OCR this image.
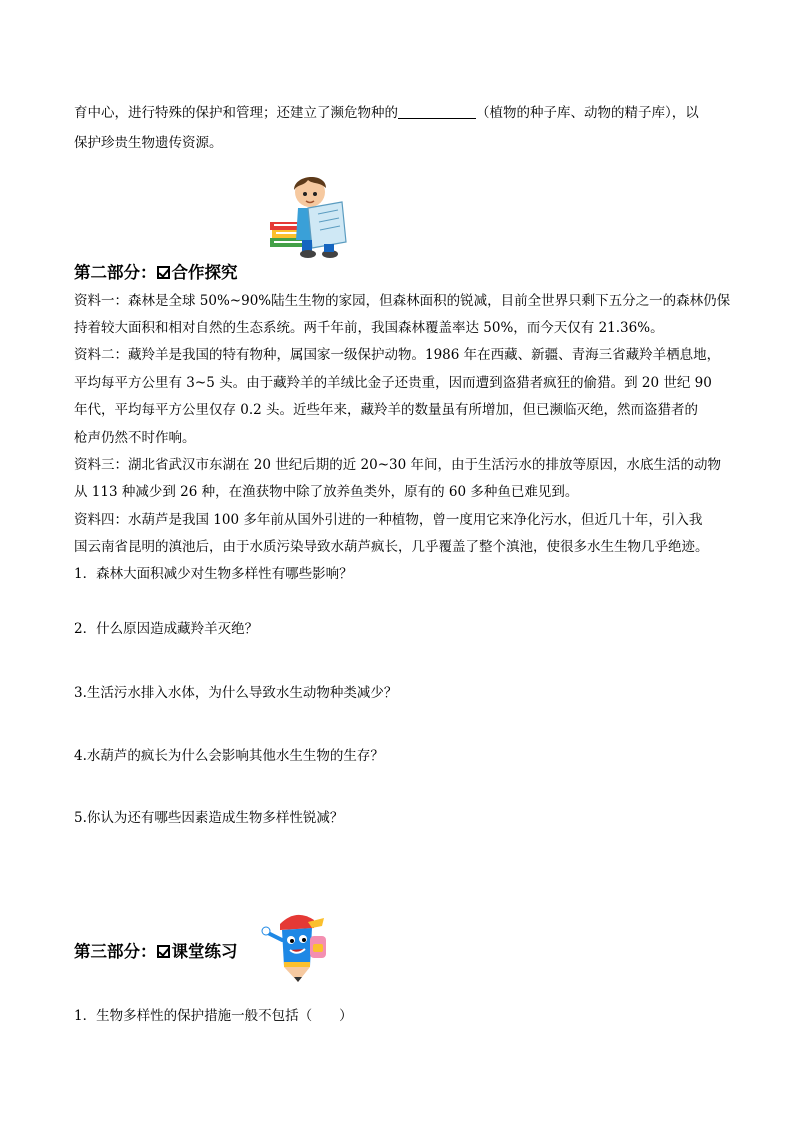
育中心，进行特殊的保护和管理；还建立了濒危物种的	（植物的种子库、动物的精子库），以
保护珍贵生物遗传资源。
第二部分： 合作探究
资料一：森林是全球 50%~90%陆生生物的家园，但森林面积的锐减，目前全世界只剩下五分之一的森林仍保
持着较大面积和相对自然的生态系统。两千年前，我国森林覆盖率达 50%，而今天仅有 21.36%。
资料二：藏羚羊是我国的特有物种，属国家一级保护动物。1986 年在西藏、新疆、青海三省藏羚羊栖息地，
平均每平方公里有 3~5 头。由于藏羚羊的羊绒比金子还贵重，因而遭到盗猎者疯狂的偷猎。到 20 世纪 90
年代，平均每平方公里仅存 0.2 头。近些年来，藏羚羊的数量虽有所增加，但已濒临灭绝，然而盗猎者的
枪声仍然不时作响。
资料三：湖北省武汉市东湖在 20 世纪后期的近 20~30 年间，由于生活污水的排放等原因，水底生活的动物
从 113 种减少到 26 种，在渔获物中除了放养鱼类外，原有的 60 多种鱼已难见到。
资料四：水葫芦是我国 100 多年前从国外引进的一种植物，曾一度用它来净化污水，但近几十年，引入我
国云南省昆明的滇池后，由于水质污染导致水葫芦疯长，几乎覆盖了整个滇池，使很多水生生物几乎绝迹。
1．森林大面积减少对生物多样性有哪些影响？
2．什么原因造成藏羚羊灭绝？
3.生活污水排入水体，为什么导致水生动物种类减少？
4.水葫芦的疯长为什么会影响其他水生生物的生存？
5.你认为还有哪些因素造成生物多样性锐减？
第三部分： 课堂练习
1．生物多样性的保护措施一般不包括（　　）
